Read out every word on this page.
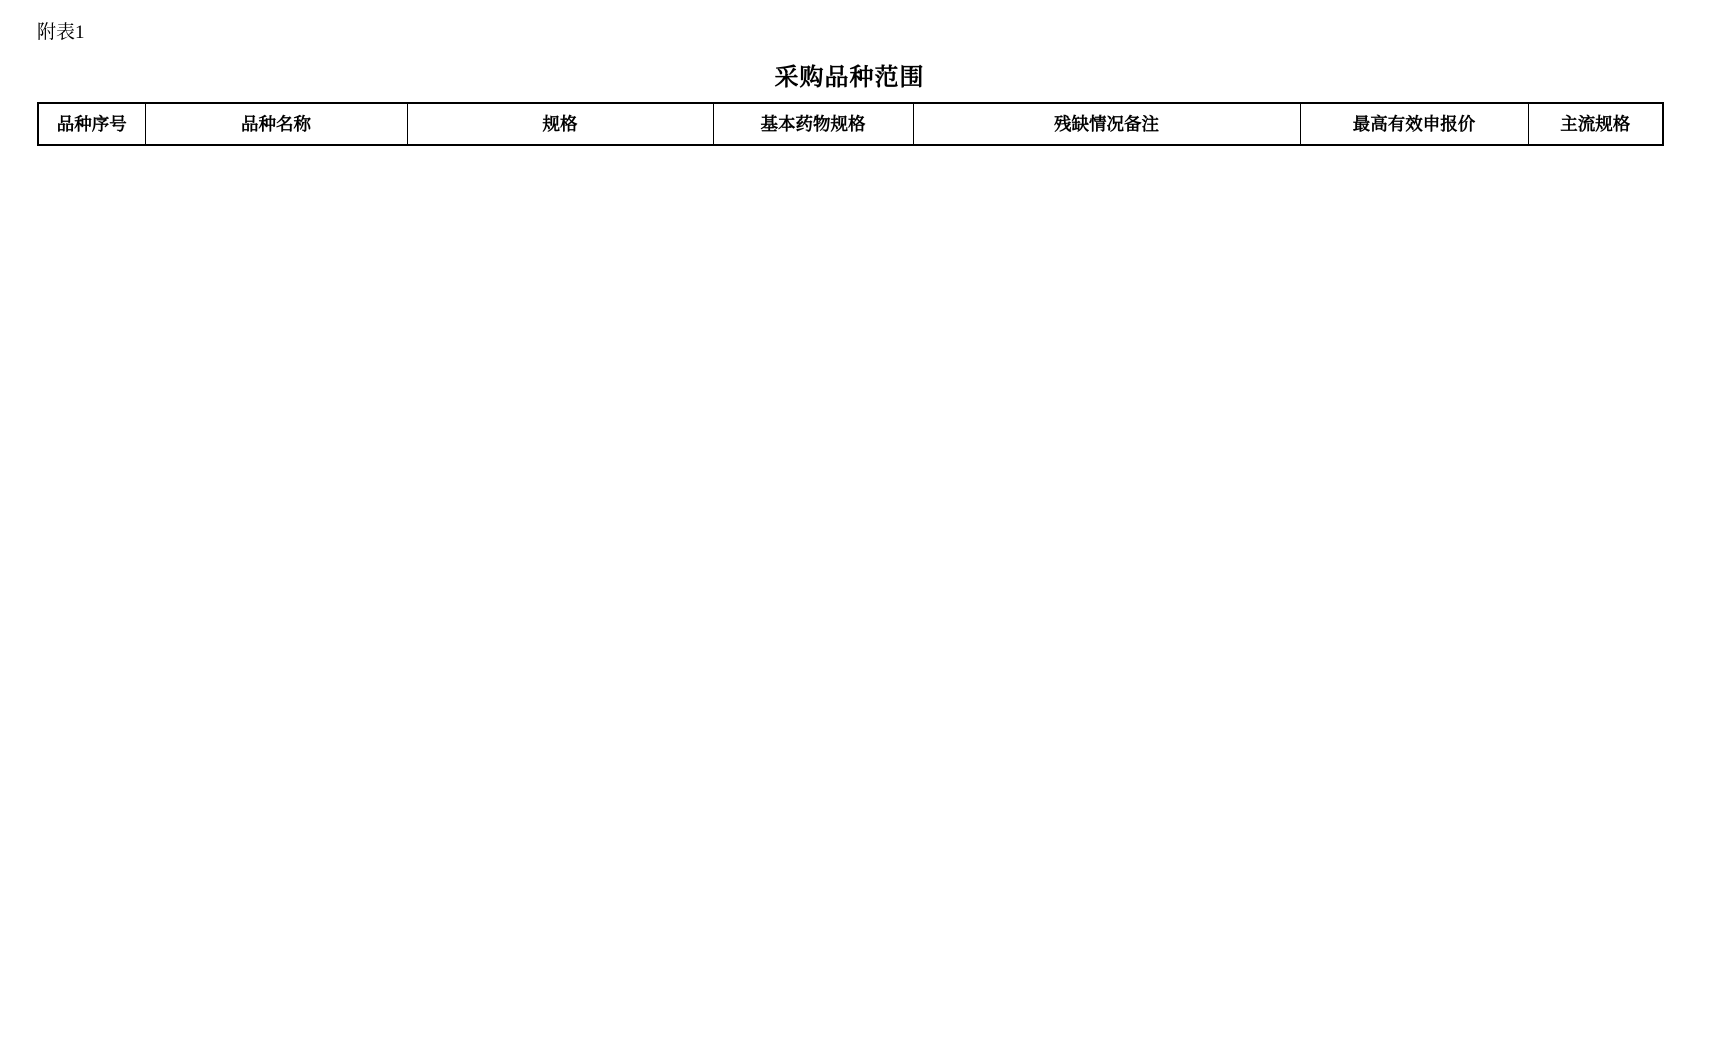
附表1
采购品种范围
品种序号	品种名称	规格	基本药物规格	残缺情况备注	最高有效申报价	主流规格
